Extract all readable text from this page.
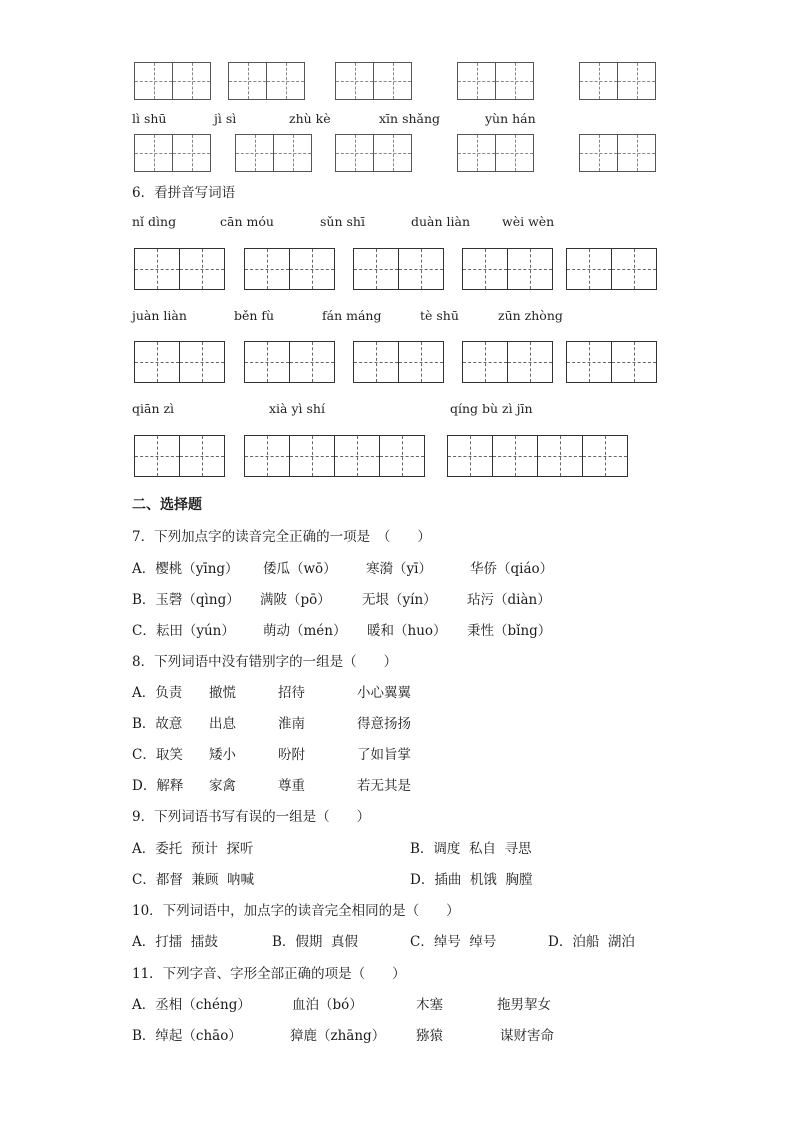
lì shū	jì sì	zhù kè	xīn shǎng	yùn hán
6．看拼音写词语
nǐ dìng	cān móu	sǔn shī	duàn liàn	wèi wèn
juàn liàn	běn fù	fán máng	tè shū	zūn zhòng
qiān zì	xià yì shí	qíng bù zì jīn
二、选择题
7．下列加点字的读音完全正确的一项是　（　　）
A．樱桃（yīng） 倭瓜（wō） 寒漪（yī）	华侨（qiáo）
B．玉磬（qìng） 满陂（pō） 无垠（yín） 玷污（diàn）
C．耘田（yún） 萌动（mén） 暖和（huo） 秉性（bǐng）
8．下列词语中没有错别字的一组是（　　）
A．负责 撤慌	招待	小心翼翼
B．故意 出息	淮南	得意扬扬
C．取笑 矮小	吩附	了如旨掌
D．解释 家禽	尊重	若无其是
9．下列词语书写有误的一组是（　　）
A．委托  预计  探听	B．调度  私自  寻思
C．都督  兼顾  呐喊	D．插曲  机饿  胸膛
10．下列词语中，加点字的读音完全相同的是（　　）
A．打擂  擂鼓	B．假期  真假	C．绰号  绰号	D．泊船  湖泊
11．下列字音、字形全部正确的项是（　　）
A．丞相（chéng）	血泊（bó）	木塞	拖男挈女
B．绰起（chāo）	獐鹿（zhāng） 猕猿	谋财害命
